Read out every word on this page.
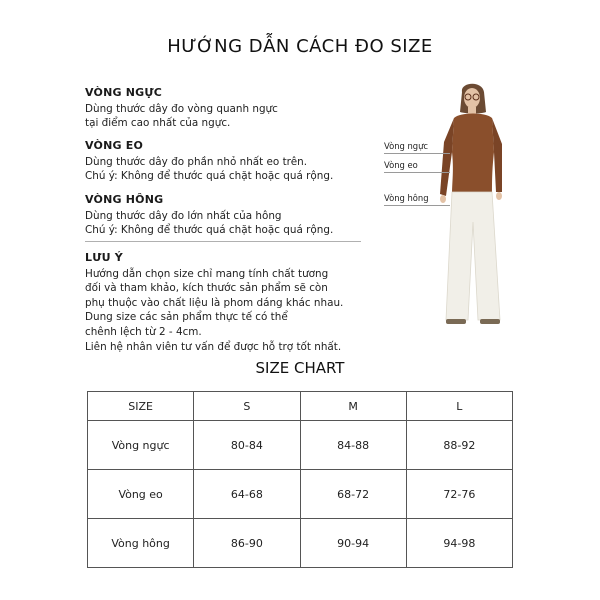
HƯỚNG DẪN CÁCH ĐO SIZE
VÒNG NGỰC

Dùng thước dây đo vòng quanh ngực
tại điểm cao nhất của ngực.

VÒNG EO

Dùng thước dây đo phần nhỏ nhất eo trên.
Chú ý: Không để thước quá chặt hoặc quá rộng.

VÒNG HÔNG

Dùng thước dây đo lớn nhất của hông
Chú ý: Không để thước quá chặt hoặc quá rộng.

LƯU Ý

Hướng dẫn chọn size chỉ mang tính chất tương
đối và tham khảo, kích thước sản phẩm sẽ còn
phụ thuộc vào chất liệu là phom dáng khác nhau.
Dung size các sản phẩm thực tế có thể
chênh lệch từ 2 - 4cm.
Liên hệ nhân viên tư vấn để được hỗ trợ tốt nhất.

Vòng ngực
Vòng eo
Vòng hông
SIZE CHART
SIZE	S	M	L
Vòng ngực	80-84	84-88	88-92
Vòng eo	64-68	68-72	72-76
Vòng hông	86-90	90-94	94-98
